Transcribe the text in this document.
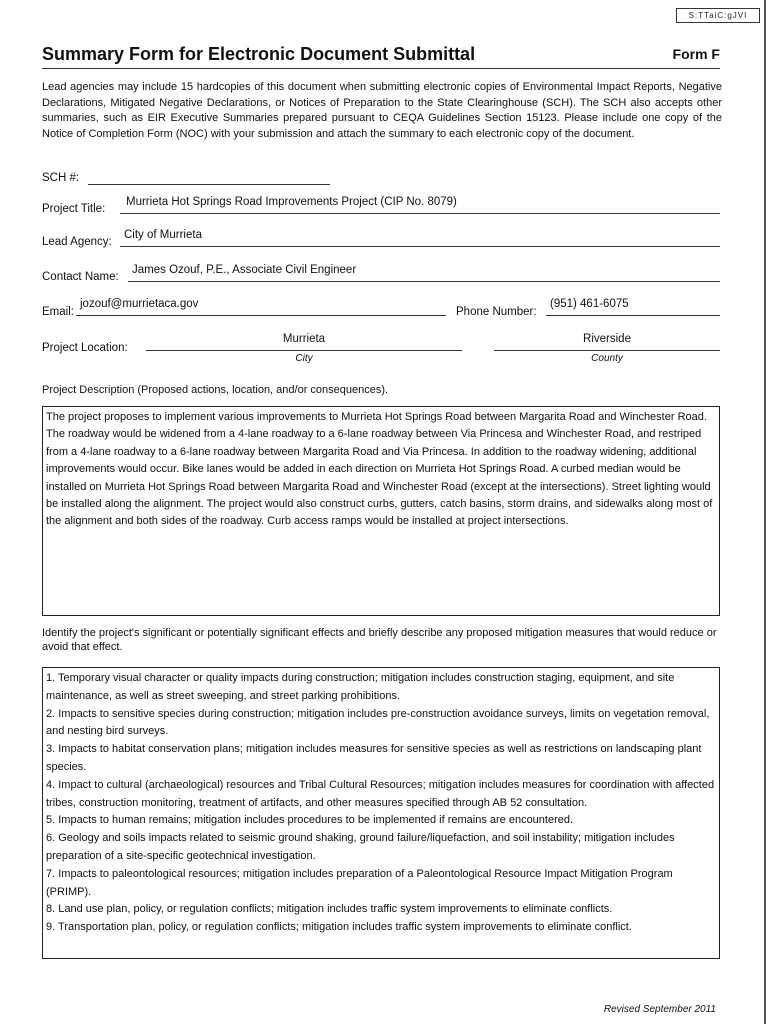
S:TTaiC:gJVI
Summary Form for Electronic Document Submittal	Form F
Lead agencies may include 15 hardcopies of this document when submitting electronic copies of Environmental Impact Reports, Negative Declarations, Mitigated Negative Declarations, or Notices of Preparation to the State Clearinghouse (SCH). The SCH also accepts other summaries, such as EIR Executive Summaries prepared pursuant to CEQA Guidelines Section 15123. Please include one copy of the Notice of Completion Form (NOC) with your submission and attach the summary to each electronic copy of the document.
SCH #:
Project Title:
Murrieta Hot Springs Road Improvements Project (CIP No. 8079)
Lead Agency:
City of Murrieta
Contact Name:
James Ozouf, P.E., Associate Civil Engineer
Email:
jozouf@murrietaca.gov
Phone Number:
(951) 461-6075
Project Location:
Murrieta
City
Riverside
County
Project Description (Proposed actions, location, and/or consequences).

The project proposes to implement various improvements to Murrieta Hot Springs Road between Margarita Road and Winchester Road. The roadway would be widened from a 4-lane roadway to a 6-lane roadway between Via Princesa and Winchester Road, and restriped from a 4-lane roadway to a 6-lane roadway between Margarita Road and Via Princesa. In addition to the roadway widening, additional improvements would occur. Bike lanes would be added in each direction on Murrieta Hot Springs Road. A curbed median would be installed on Murrieta Hot Springs Road between Margarita Road and Winchester Road (except at the intersections). Street lighting would be installed along the alignment. The project would also construct curbs, gutters, catch basins, storm drains, and sidewalks along most of the alignment and both sides of the roadway. Curb access ramps would be installed at project intersections.

Identify the project's significant or potentially significant effects and briefly describe any proposed mitigation measures that would reduce or avoid that effect.

1. Temporary visual character or quality impacts during construction; mitigation includes construction staging, equipment, and site maintenance, as well as street sweeping, and street parking prohibitions.

2. Impacts to sensitive species during construction; mitigation includes pre-construction avoidance surveys, limits on vegetation removal, and nesting bird surveys.

3. Impacts to habitat conservation plans; mitigation includes measures for sensitive species as well as restrictions on landscaping plant species.

4. Impact to cultural (archaeological) resources and Tribal Cultural Resources; mitigation includes measures for coordination with affected tribes, construction monitoring, treatment of artifacts, and other measures specified through AB 52 consultation.

5. Impacts to human remains; mitigation includes procedures to be implemented if remains are encountered.

6. Geology and soils impacts related to seismic ground shaking, ground failure/liquefaction, and soil instability; mitigation includes preparation of a site-specific geotechnical investigation.

7. Impacts to paleontological resources; mitigation includes preparation of a Paleontological Resource Impact Mitigation Program (PRIMP).

8. Land use plan, policy, or regulation conflicts; mitigation includes traffic system improvements to eliminate conflicts.

9. Transportation plan, policy, or regulation conflicts; mitigation includes traffic system improvements to eliminate conflict.

Revised September 2011
